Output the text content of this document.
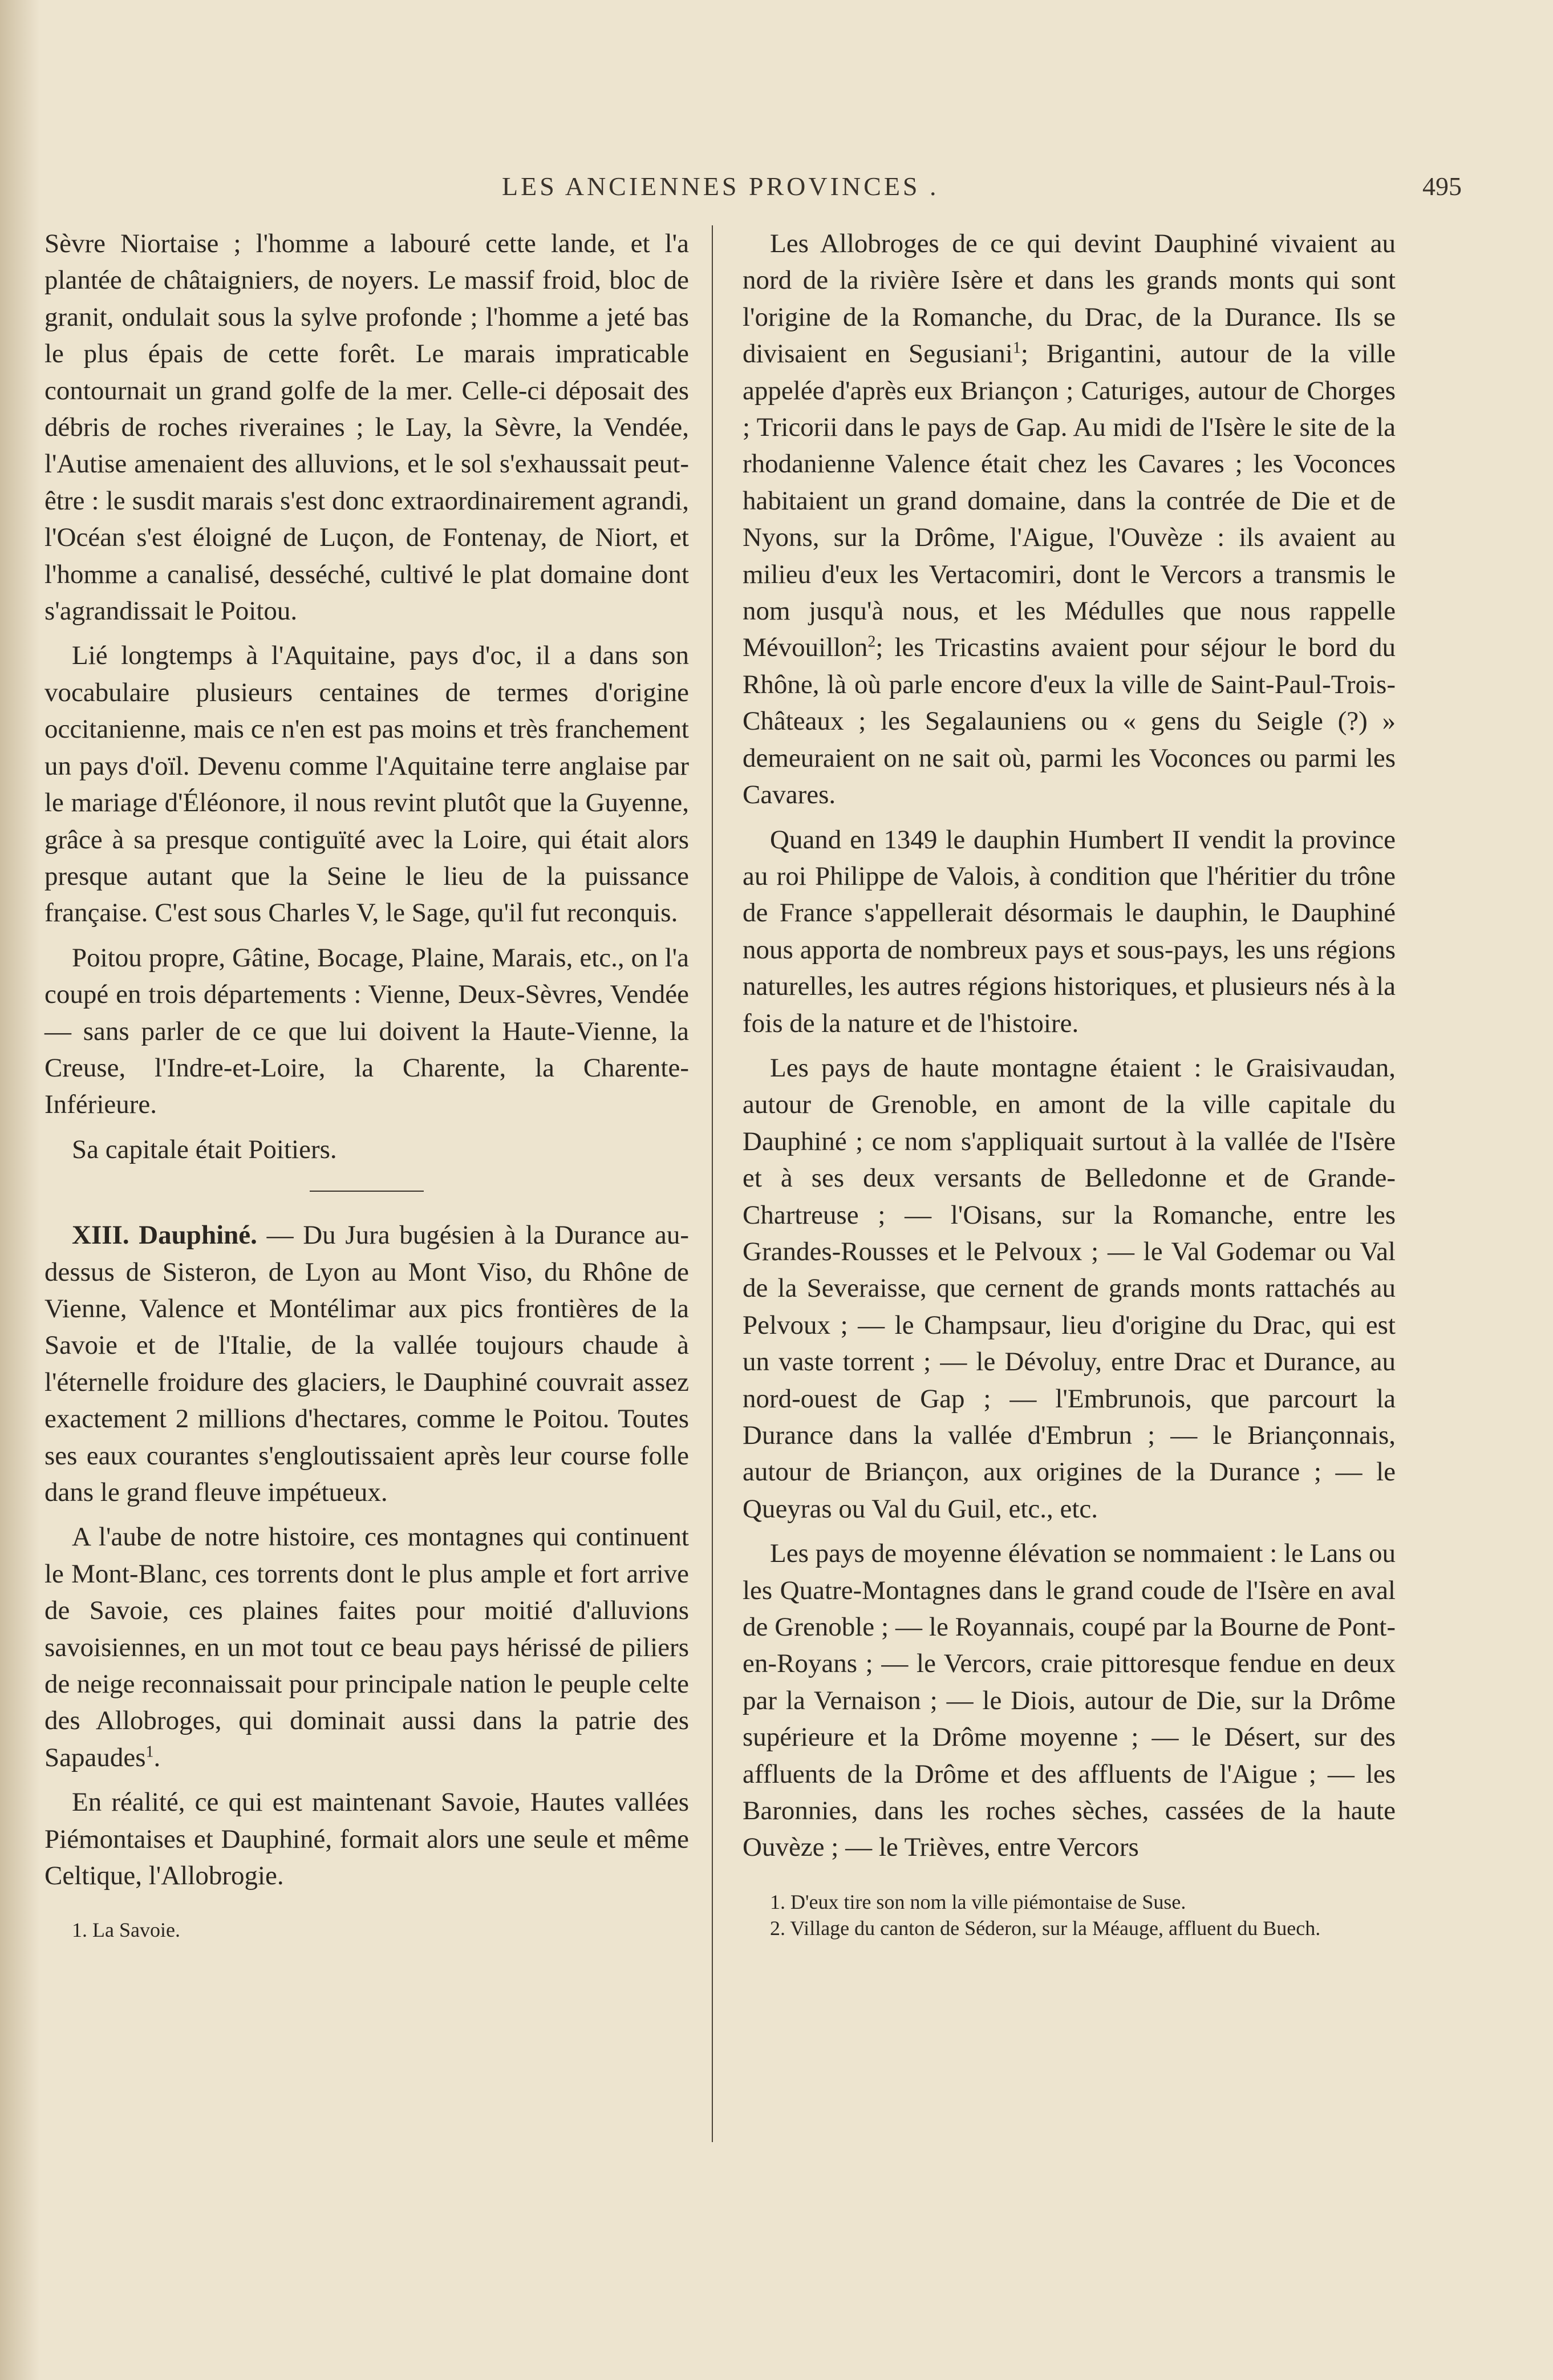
LES ANCIENNES PROVINCES .	495

Sèvre Niortaise ; l'homme a labouré cette lande, et l'a plantée de châtaigniers, de noyers. Le massif froid, bloc de granit, ondulait sous la sylve profonde ; l'homme a jeté bas le plus épais de cette forêt. Le marais impraticable contournait un grand golfe de la mer. Celle-ci déposait des débris de roches riveraines ; le Lay, la Sèvre, la Vendée, l'Autise amenaient des alluvions, et le sol s'exhaussait peut-être : le susdit marais s'est donc extraordinairement agrandi, l'Océan s'est éloigné de Luçon, de Fontenay, de Niort, et l'homme a canalisé, desséché, cultivé le plat domaine dont s'agrandissait le Poitou.

Lié longtemps à l'Aquitaine, pays d'oc, il a dans son vocabulaire plusieurs centaines de termes d'origine occitanienne, mais ce n'en est pas moins et très franchement un pays d'oïl. Devenu comme l'Aquitaine terre anglaise par le mariage d'Éléonore, il nous revint plutôt que la Guyenne, grâce à sa presque contiguïté avec la Loire, qui était alors presque autant que la Seine le lieu de la puissance française. C'est sous Charles V, le Sage, qu'il fut reconquis.

Poitou propre, Gâtine, Bocage, Plaine, Marais, etc., on l'a coupé en trois départements : Vienne, Deux-Sèvres, Vendée — sans parler de ce que lui doivent la Haute-Vienne, la Creuse, l'Indre-et-Loire, la Charente, la Charente-Inférieure.

Sa capitale était Poitiers.

XIII. Dauphiné. — Du Jura bugésien à la Durance au-dessus de Sisteron, de Lyon au Mont Viso, du Rhône de Vienne, Valence et Montélimar aux pics frontières de la Savoie et de l'Italie, de la vallée toujours chaude à l'éternelle froidure des glaciers, le Dauphiné couvrait assez exactement 2 millions d'hectares, comme le Poitou. Toutes ses eaux courantes s'engloutissaient après leur course folle dans le grand fleuve impétueux.

A l'aube de notre histoire, ces montagnes qui continuent le Mont-Blanc, ces torrents dont le plus ample et fort arrive de Savoie, ces plaines faites pour moitié d'alluvions savoisiennes, en un mot tout ce beau pays hérissé de piliers de neige reconnaissait pour principale nation le peuple celte des Allobroges, qui dominait aussi dans la patrie des Sapaudes$^1$.

En réalité, ce qui est maintenant Savoie, Hautes vallées Piémontaises et Dauphiné, formait alors une seule et même Celtique, l'Allobrogie.

1. La Savoie.

Les Allobroges de ce qui devint Dauphiné vivaient au nord de la rivière Isère et dans les grands monts qui sont l'origine de la Romanche, du Drac, de la Durance. Ils se divisaient en Segusiani$^1$; Brigantini, autour de la ville appelée d'après eux Briançon ; Caturiges, autour de Chorges ; Tricorii dans le pays de Gap. Au midi de l'Isère le site de la rhodanienne Valence était chez les Cavares ; les Voconces habitaient un grand domaine, dans la contrée de Die et de Nyons, sur la Drôme, l'Aigue, l'Ouvèze : ils avaient au milieu d'eux les Vertacomiri, dont le Vercors a transmis le nom jusqu'à nous, et les Médulles que nous rappelle Mévouillon$^2$; les Tricastins avaient pour séjour le bord du Rhône, là où parle encore d'eux la ville de Saint-Paul-Trois-Châteaux ; les Segalauniens ou « gens du Seigle (?) » demeuraient on ne sait où, parmi les Voconces ou parmi les Cavares.

Quand en 1349 le dauphin Humbert II vendit la province au roi Philippe de Valois, à condition que l'héritier du trône de France s'appellerait désormais le dauphin, le Dauphiné nous apporta de nombreux pays et sous-pays, les uns régions naturelles, les autres régions historiques, et plusieurs nés à la fois de la nature et de l'histoire.

Les pays de haute montagne étaient : le Graisivaudan, autour de Grenoble, en amont de la ville capitale du Dauphiné ; ce nom s'appliquait surtout à la vallée de l'Isère et à ses deux versants de Belledonne et de Grande-Chartreuse ; — l'Oisans, sur la Romanche, entre les Grandes-Rousses et le Pelvoux ; — le Val Godemar ou Val de la Severaisse, que cernent de grands monts rattachés au Pelvoux ; — le Champsaur, lieu d'origine du Drac, qui est un vaste torrent ; — le Dévoluy, entre Drac et Durance, au nord-ouest de Gap ; — l'Embrunois, que parcourt la Durance dans la vallée d'Embrun ; — le Briançonnais, autour de Briançon, aux origines de la Durance ; — le Queyras ou Val du Guil, etc., etc.

Les pays de moyenne élévation se nommaient : le Lans ou les Quatre-Montagnes dans le grand coude de l'Isère en aval de Grenoble ; — le Royannais, coupé par la Bourne de Pont-en-Royans ; — le Vercors, craie pittoresque fendue en deux par la Vernaison ; — le Diois, autour de Die, sur la Drôme supérieure et la Drôme moyenne ; — le Désert, sur des affluents de la Drôme et des affluents de l'Aigue ; — les Baronnies, dans les roches sèches, cassées de la haute Ouvèze ; — le Trièves, entre Vercors

1. D'eux tire son nom la ville piémontaise de Suse.
2. Village du canton de Séderon, sur la Méauge, affluent du Buech.
